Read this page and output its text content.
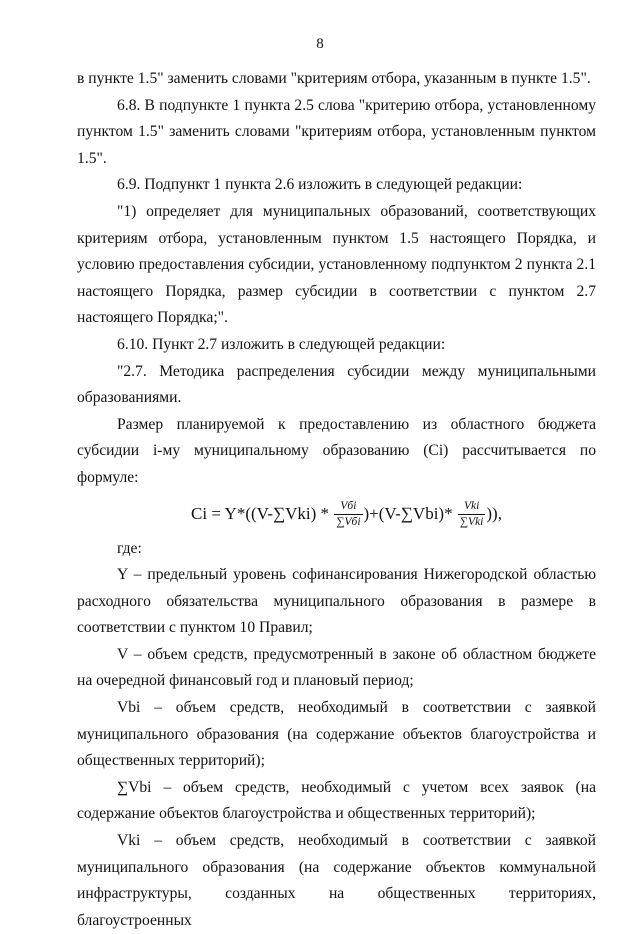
8

в пункте 1.5" заменить словами "критериям отбора, указанным в пункте 1.5".

6.8. В подпункте 1 пункта 2.5 слова "критерию отбора, установленному пунктом 1.5" заменить словами "критериям отбора, установленным пунктом 1.5".

6.9. Подпункт 1 пункта 2.6 изложить в следующей редакции:

"1) определяет для муниципальных образований, соответствующих критериям отбора, установленным пунктом 1.5 настоящего Порядка, и условию предоставления субсидии, установленному подпунктом 2 пункта 2.1 настоящего Порядка, размер субсидии в соответствии с пунктом 2.7 настоящего Порядка;".

6.10. Пункт 2.7 изложить в следующей редакции:

"2.7. Методика распределения субсидии между муниципальными образованиями.

Размер планируемой к предоставлению из областного бюджета субсидии i-му муниципальному образованию (Ci) рассчитывается по формуле:

$Ci = Y*((V-\sum Vki) * \frac{\text{Vбi}}{\text{∑Vбi}} )+(V-\sum Vbi)* \frac{\text{Vki}}{\text{∑Vki}}$ )),

где:

Y – предельный уровень софинансирования Нижегородской областью расходного обязательства муниципального образования в размере в соответствии с пунктом 10 Правил;

V – объем средств, предусмотренный в законе об областном бюджете на очередной финансовый год и плановый период;

Vbi – объем средств, необходимый в соответствии с заявкой муниципального образования (на содержание объектов благоустройства и общественных территорий);

∑Vbi – объем средств, необходимый с учетом всех заявок (на содержание объектов благоустройства и общественных территорий);

Vki – объем средств, необходимый в соответствии с заявкой муниципального образования (на содержание объектов коммунальной инфраструктуры, созданных на общественных территориях, благоустроенных
